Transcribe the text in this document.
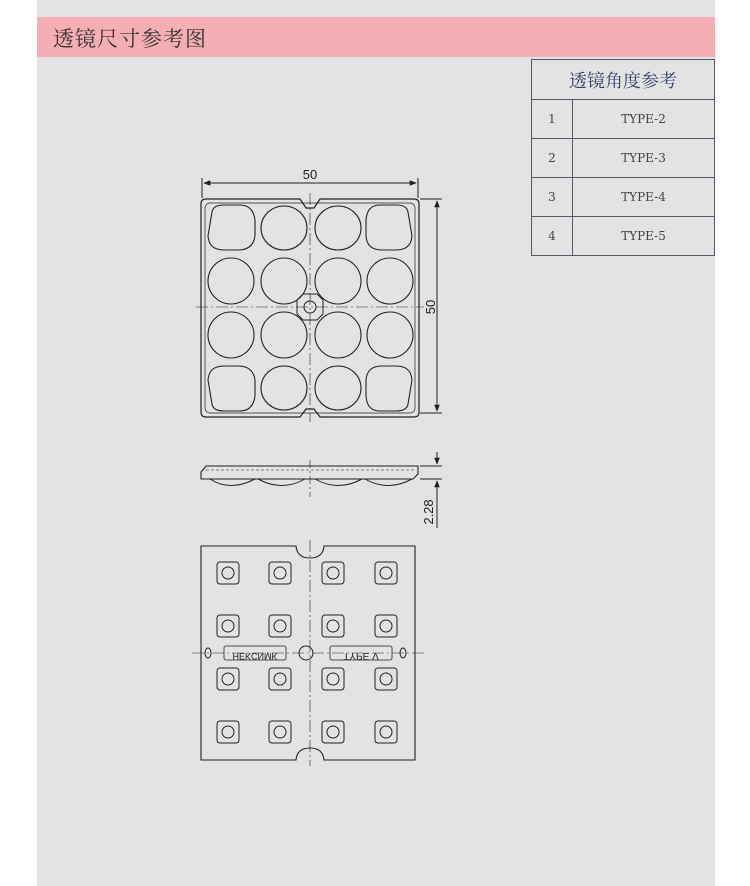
透镜尺寸参考图
透镜角度参考	
1	TYPE-2
2	TYPE-3
3	TYPE-4
4	TYPE-5
50
50
2.28
HEKCNMK	TYPE V
